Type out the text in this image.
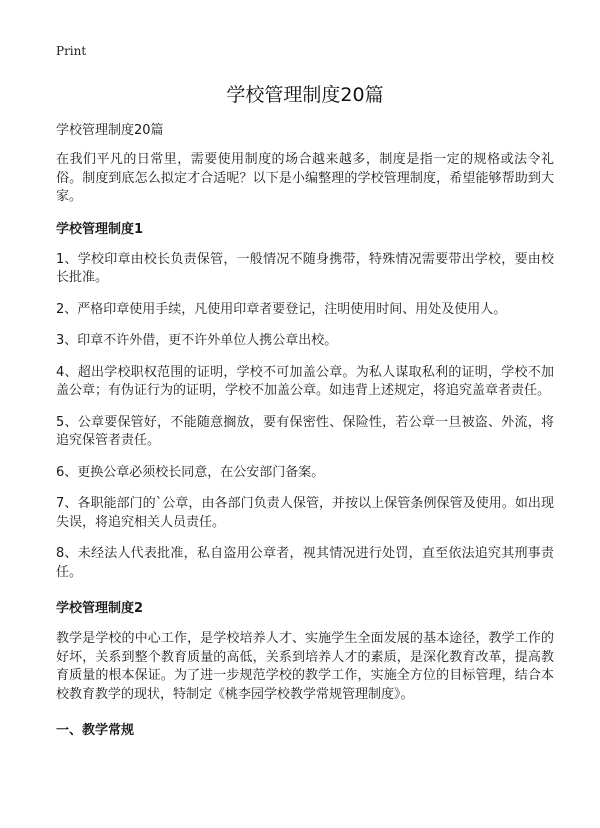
Print
学校管理制度20篇

学校管理制度20篇

在我们平凡的日常里，需要使用制度的场合越来越多，制度是指一定的规格或法令礼俗。制度到底怎么拟定才合适呢？以下是小编整理的学校管理制度，希望能够帮助到大家。

学校管理制度1

1、学校印章由校长负责保管，一般情况不随身携带，特殊情况需要带出学校，要由校长批准。

2、严格印章使用手续，凡使用印章者要登记，注明使用时间、用处及使用人。

3、印章不许外借，更不许外单位人携公章出校。

4、超出学校职权范围的证明，学校不可加盖公章。为私人谋取私利的证明，学校不加盖公章；有伪证行为的证明，学校不加盖公章。如违背上述规定，将追究盖章者责任。

5、公章要保管好，不能随意搁放，要有保密性、保险性，若公章一旦被盗、外流，将追究保管者责任。

6、更换公章必须校长同意，在公安部门备案。

7、各职能部门的`公章，由各部门负责人保管，并按以上保管条例保管及使用。如出现失误，将追究相关人员责任。

8、未经法人代表批准，私自盗用公章者，视其情况进行处罚，直至依法追究其刑事责任。

学校管理制度2

教学是学校的中心工作，是学校培养人才、实施学生全面发展的基本途径，教学工作的好坏，关系到整个教育质量的高低，关系到培养人才的素质，是深化教育改革，提高教育质量的根本保证。为了进一步规范学校的教学工作，实施全方位的目标管理，结合本校教育教学的现状，特制定《桃李园学校教学常规管理制度》。

一、教学常规
